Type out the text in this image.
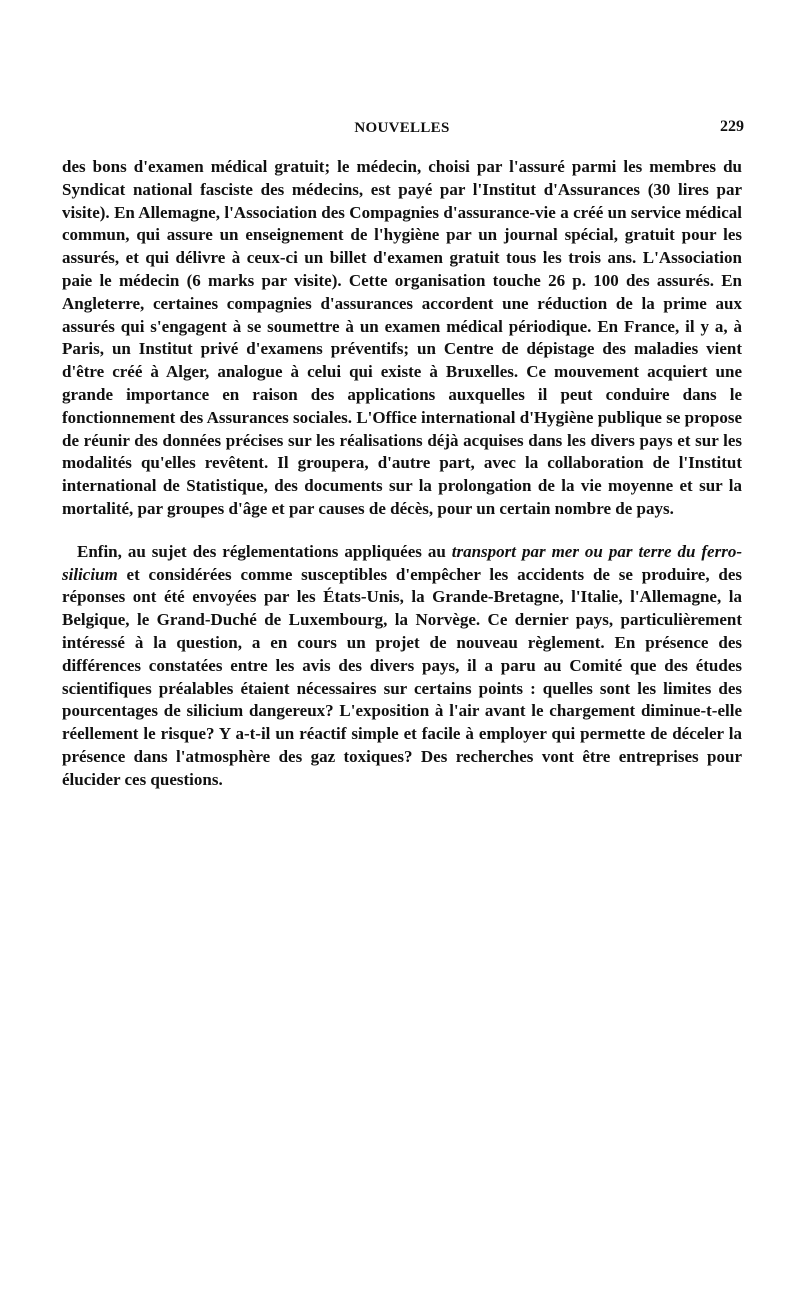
NOUVELLES	229

des bons d'examen médical gratuit; le médecin, choisi par l'assuré parmi les membres du Syndicat national fasciste des médecins, est payé par l'Institut d'Assurances (30 lires par visite). En Allemagne, l'Association des Compagnies d'assurance-vie a créé un service médical commun, qui assure un enseignement de l'hygiène par un journal spécial, gratuit pour les assurés, et qui délivre à ceux-ci un billet d'examen gratuit tous les trois ans. L'Association paie le médecin (6 marks par visite). Cette organisation touche 26 p. 100 des assurés. En Angleterre, certaines compagnies d'assurances accordent une réduction de la prime aux assurés qui s'engagent à se soumettre à un examen médical périodique. En France, il y a, à Paris, un Institut privé d'examens préventifs; un Centre de dépistage des maladies vient d'être créé à Alger, analogue à celui qui existe à Bruxelles. Ce mouvement acquiert une grande importance en raison des applications auxquelles il peut conduire dans le fonctionnement des Assurances sociales. L'Office international d'Hygiène publique se propose de réunir des données précises sur les réalisations déjà acquises dans les divers pays et sur les modalités qu'elles revêtent. Il groupera, d'autre part, avec la collaboration de l'Institut international de Statistique, des documents sur la prolongation de la vie moyenne et sur la mortalité, par groupes d'âge et par causes de décès, pour un certain nombre de pays.

Enfin, au sujet des réglementations appliquées au transport par mer ou par terre du ferro-silicium et considérées comme susceptibles d'empêcher les accidents de se produire, des réponses ont été envoyées par les États-Unis, la Grande-Bretagne, l'Italie, l'Allemagne, la Belgique, le Grand-Duché de Luxembourg, la Norvège. Ce dernier pays, particulièrement intéressé à la question, a en cours un projet de nouveau règlement. En présence des différences constatées entre les avis des divers pays, il a paru au Comité que des études scientifiques préalables étaient nécessaires sur certains points : quelles sont les limites des pourcentages de silicium dangereux? L'exposition à l'air avant le chargement diminue-t-elle réellement le risque? Y a-t-il un réactif simple et facile à employer qui permette de déceler la présence dans l'atmosphère des gaz toxiques? Des recherches vont être entreprises pour élucider ces questions.
